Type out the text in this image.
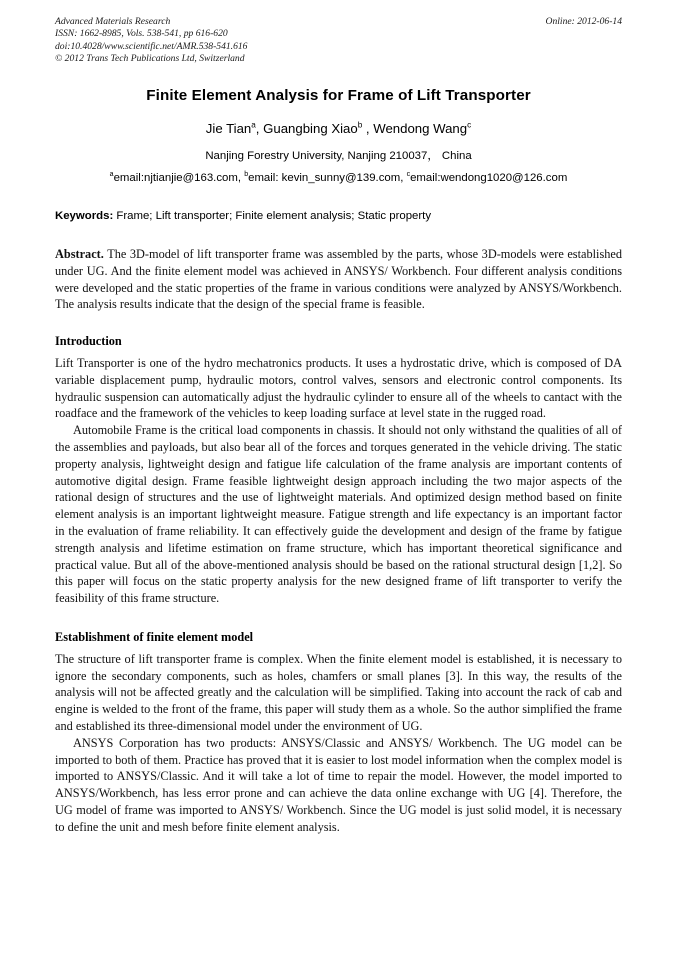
Advanced Materials Research
ISSN: 1662-8985, Vols. 538-541, pp 616-620
doi:10.4028/www.scientific.net/AMR.538-541.616
© 2012 Trans Tech Publications Ltd, Switzerland
Online: 2012-06-14
Finite Element Analysis for Frame of Lift Transporter
Jie Tian$^a$, Guangbing Xiao$^b$ , Wendong Wang$^c$
Nanjing Forestry University, Nanjing 210037， China
$^a$email:njtianjie@163.com, $^b$email: kevin_sunny@139.com, $^c$email:wendong1020@126.com
Keywords: Frame; Lift transporter; Finite element analysis; Static property
Abstract. The 3D-model of lift transporter frame was assembled by the parts, whose 3D-models were established under UG. And the finite element model was achieved in ANSYS/ Workbench. Four different analysis conditions were developed and the static properties of the frame in various conditions were analyzed by ANSYS/Workbench. The analysis results indicate that the design of the special frame is feasible.
Introduction

Lift Transporter is one of the hydro mechatronics products. It uses a hydrostatic drive, which is composed of DA variable displacement pump, hydraulic motors, control valves, sensors and electronic control components. Its hydraulic suspension can automatically adjust the hydraulic cylinder to ensure all of the wheels to cantact with the roadface and the framework of the vehicles to keep loading surface at level state in the rugged road.

Automobile Frame is the critical load components in chassis. It should not only withstand the qualities of all of the assemblies and payloads, but also bear all of the forces and torques generated in the vehicle driving. The static property analysis, lightweight design and fatigue life calculation of the frame analysis are important contents of automotive digital design. Frame feasible lightweight design approach including the two major aspects of the rational design of structures and the use of lightweight materials. And optimized design method based on finite element analysis is an important lightweight measure. Fatigue strength and life expectancy is an important factor in the evaluation of frame reliability. It can effectively guide the development and design of the frame by fatigue strength analysis and lifetime estimation on frame structure, which has important theoretical significance and practical value. But all of the above-mentioned analysis should be based on the rational structural design [1,2]. So this paper will focus on the static property analysis for the new designed frame of lift transporter to verify the feasibility of this frame structure.

Establishment of finite element model

The structure of lift transporter frame is complex. When the finite element model is established, it is necessary to ignore the secondary components, such as holes, chamfers or small planes [3]. In this way, the results of the analysis will not be affected greatly and the calculation will be simplified. Taking into account the rack of cab and engine is welded to the front of the frame, this paper will study them as a whole. So the author simplified the frame and established its three-dimensional model under the environment of UG.

ANSYS Corporation has two products: ANSYS/Classic and ANSYS/ Workbench. The UG model can be imported to both of them. Practice has proved that it is easier to lost model information when the complex model is imported to ANSYS/Classic. And it will take a lot of time to repair the model. However, the model imported to ANSYS/Workbench, has less error prone and can achieve the data online exchange with UG [4]. Therefore, the UG model of frame was imported to ANSYS/ Workbench. Since the UG model is just solid model, it is necessary to define the unit and mesh before finite element analysis.
